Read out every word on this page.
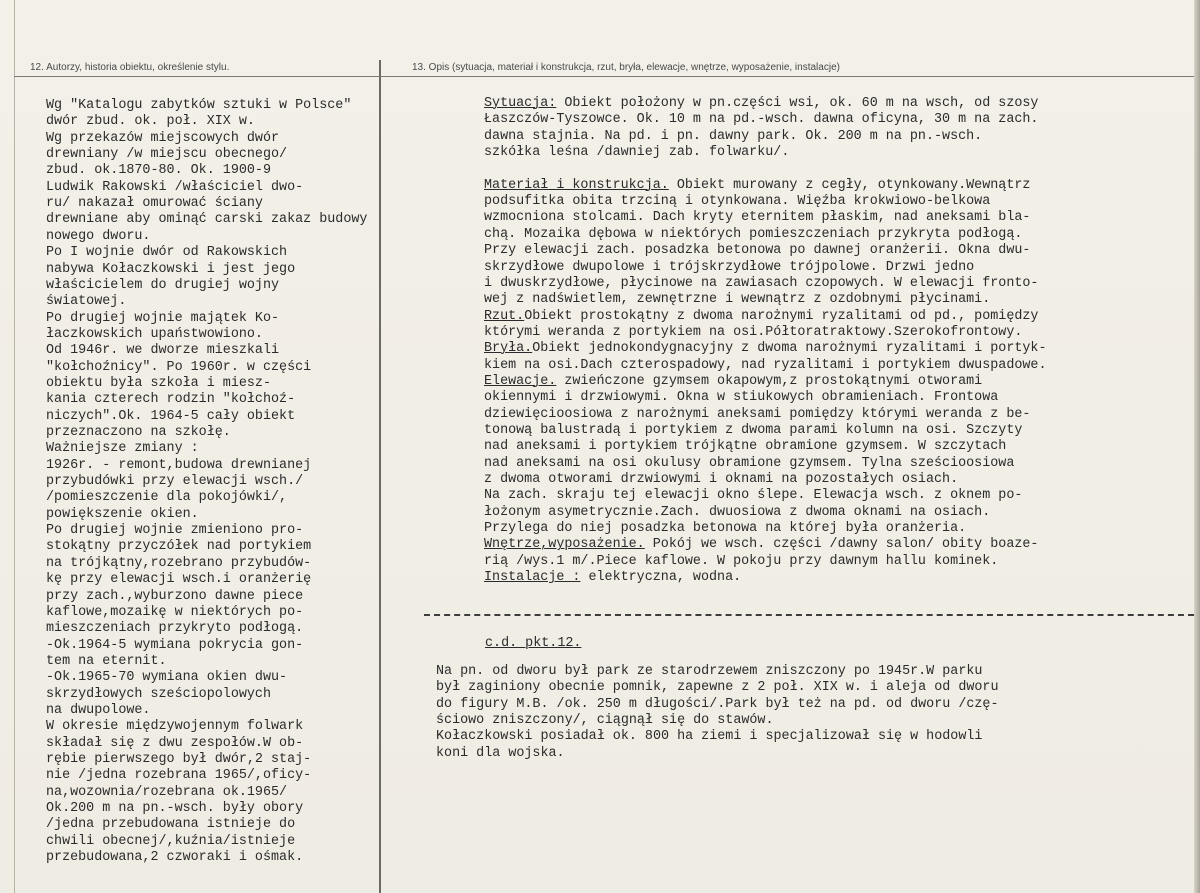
12. Autorzy, historia obiektu, określenie stylu.	13. Opis (sytuacja, materiał i konstrukcja, rzut, bryła, elewacje, wnętrze, wyposażenie, instalacje)
Wg "Katalogu zabytków sztuki w Polsce"
dwór zbud. ok. poł. XIX w.
Wg przekazów miejscowych dwór
drewniany /w miejscu obecnego/
zbud. ok.1870-80. Ok. 1900-9
Ludwik Rakowski /właściciel dwo-
ru/ nakazał omurować ściany
drewniane aby ominąć carski zakaz budowy
nowego dworu.
Po I wojnie dwór od Rakowskich
nabywa Kołaczkowski i jest jego
właścicielem do drugiej wojny
światowej.
Po drugiej wojnie majątek Ko-
łaczkowskich upaństwowiono.
Od 1946r. we dworze mieszkali
"kołchoźnicy". Po 1960r. w części
obiektu była szkoła i miesz-
kania czterech rodzin "kołchoź-
niczych".Ok. 1964-5 cały obiekt
przeznaczono na szkołę.
Ważniejsze zmiany :
1926r. - remont,budowa drewnianej
przybudówki przy elewacji wsch./
/pomieszczenie dla pokojówki/,
powiększenie okien.
Po drugiej wojnie zmieniono pro-
stokątny przyczółek nad portykiem
na trójkątny,rozebrano przybudów-
kę przy elewacji wsch.i oranżerię
przy zach.,wyburzono dawne piece
kaflowe,mozaikę w niektórych po-
mieszczeniach przykryto podłogą.
-Ok.1964-5 wymiana pokrycia gon-
tem na eternit.
-Ok.1965-70 wymiana okien dwu-
skrzydłowych sześciopolowych
na dwupolowe.
W okresie międzywojennym folwark
składał się z dwu zespołów.W ob-
rębie pierwszego był dwór,2 staj-
nie /jedna rozebrana 1965/,oficy-
na,wozownia/rozebrana ok.1965/
Ok.200 m na pn.-wsch. były obory
/jedna przebudowana istnieje do
chwili obecnej/,kuźnia/istnieje
przebudowana,2 czworaki i ośmak.
Sytuacja: Obiekt położony w pn.części wsi, ok. 60 m na wsch, od szosy
Łaszczów-Tyszowce. Ok. 10 m na pd.-wsch. dawna oficyna, 30 m na zach.
dawna stajnia. Na pd. i pn. dawny park. Ok. 200 m na pn.-wsch.
szkółka leśna /dawniej zab. folwarku/.
Materiał i konstrukcja. Obiekt murowany z cegły, otynkowany.Wewnątrz
podsufitka obita trzciną i otynkowana. Więźba krokwiowo-belkowa
wzmocniona stolcami. Dach kryty eternitem płaskim, nad aneksami bla-
chą. Mozaika dębowa w niektórych pomieszczeniach przykryta podłogą.
Przy elewacji zach. posadzka betonowa po dawnej oranżerii. Okna dwu-
skrzydłowe dwupolowe i trójskrzydłowe trójpolowe. Drzwi jedno
i dwuskrzydłowe, płycinowe na zawiasach czopowych. W elewacji fronto-
wej z nadświetlem, zewnętrzne i wewnątrz z ozdobnymi płycinami.
Rzut.Obiekt prostokątny z dwoma narożnymi ryzalitami od pd., pomiędzy
którymi weranda z portykiem na osi.Półtoratraktowy.Szerokofrontowy.
Bryła.Obiekt jednokondygnacyjny z dwoma narożnymi ryzalitami i portyk-
kiem na osi.Dach czterospadowy, nad ryzalitami i portykiem dwuspadowe.
Elewacje. zwieńczone gzymsem okapowym,z prostokątnymi otworami
okiennymi i drzwiowymi. Okna w stiukowych obramieniach. Frontowa
dziewięcioosiowa z narożnymi aneksami pomiędzy którymi weranda z be-
tonową balustradą i portykiem z dwoma parami kolumn na osi. Szczyty
nad aneksami i portykiem trójkątne obramione gzymsem. W szczytach
nad aneksami na osi okulusy obramione gzymsem. Tylna sześcioosiowa
z dwoma otworami drzwiowymi i oknami na pozostałych osiach.
Na zach. skraju tej elewacji okno ślepe. Elewacja wsch. z oknem po-
łożonym asymetrycznie.Zach. dwuosiowa z dwoma oknami na osiach.
Przylega do niej posadzka betonowa na której była oranżeria.
Wnętrze,wyposażenie. Pokój we wsch. części /dawny salon/ obity boaze-
rią /wys.1 m/.Piece kaflowe. W pokoju przy dawnym hallu kominek.
Instalacje : elektryczna, wodna.
c.d. pkt.12.
Na pn. od dworu był park ze starodrzewem zniszczony po 1945r.W parku
był zaginiony obecnie pomnik, zapewne z 2 poł. XIX w. i aleja od dworu
do figury M.B. /ok. 250 m długości/.Park był też na pd. od dworu /czę-
ściowo zniszczony/, ciągnął się do stawów.
Kołaczkowski posiadał ok. 800 ha ziemi i specjalizował się w hodowli
koni dla wojska.
